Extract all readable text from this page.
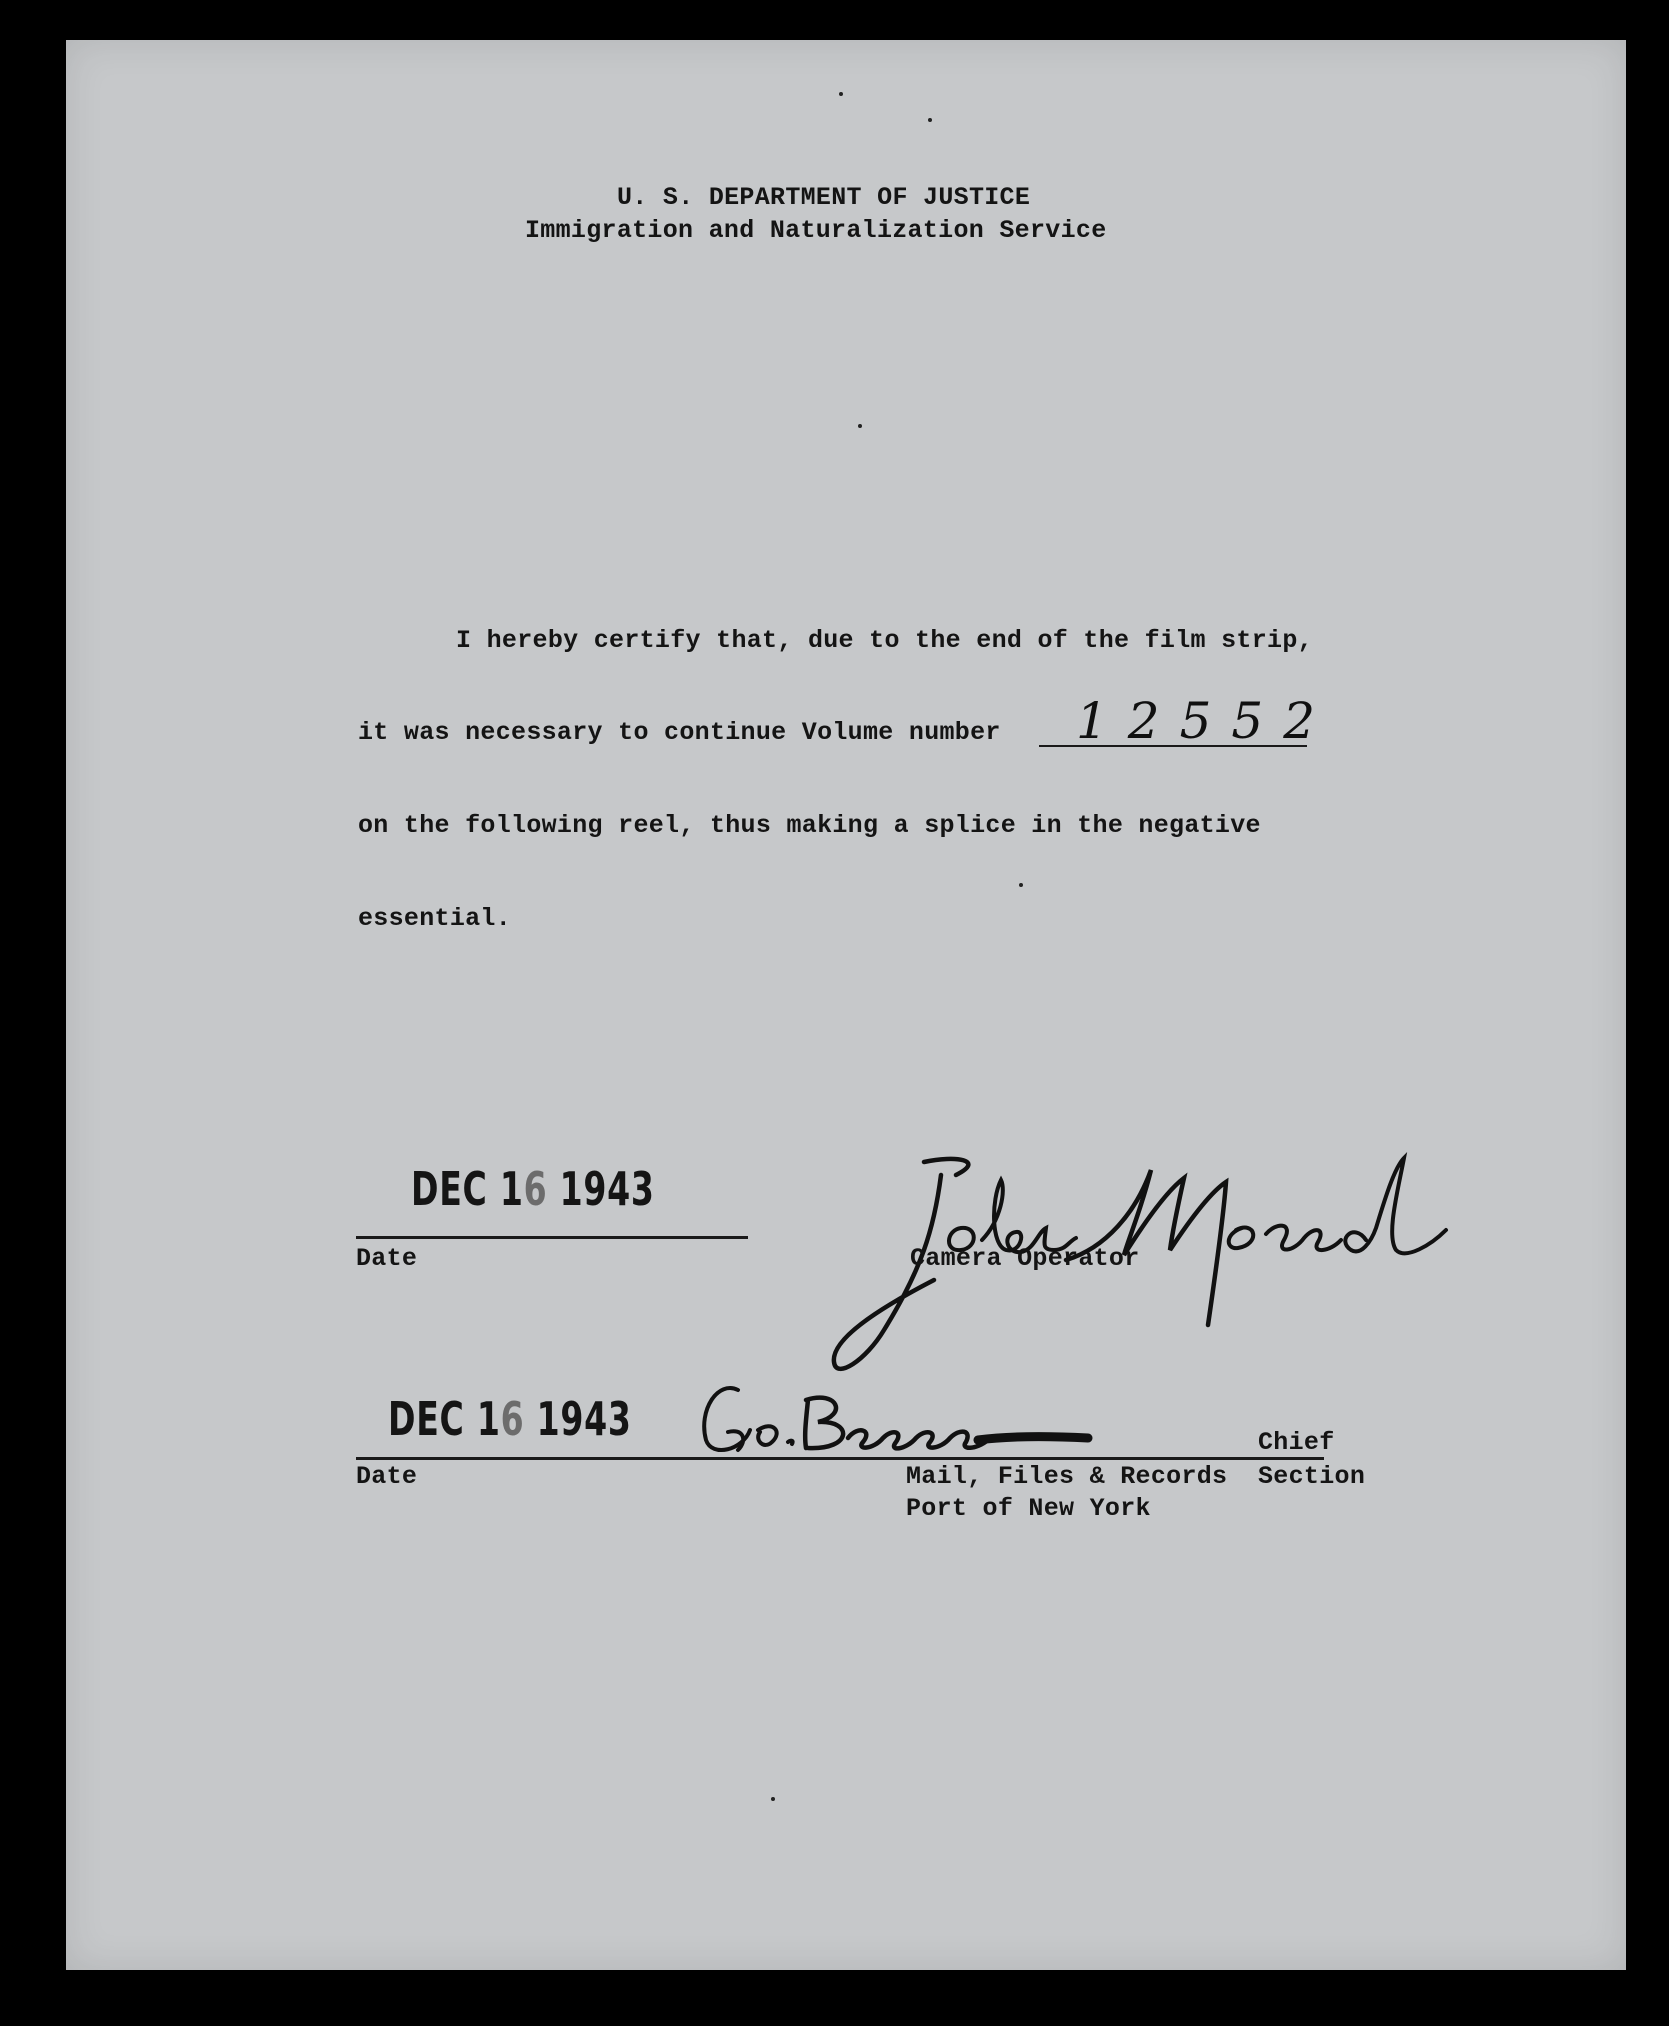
U. S. DEPARTMENT OF JUSTICE
Immigration and Naturalization Service
I hereby certify that, due to the end of the film strip,
it was necessary to continue Volume number 12552
on the following reel, thus making a splice in the negative
essential.
DEC 16 1943
Date	Camera Operator
DEC 16 1943
Date
Chief
Mail, Files & Records Section
Port of New York
